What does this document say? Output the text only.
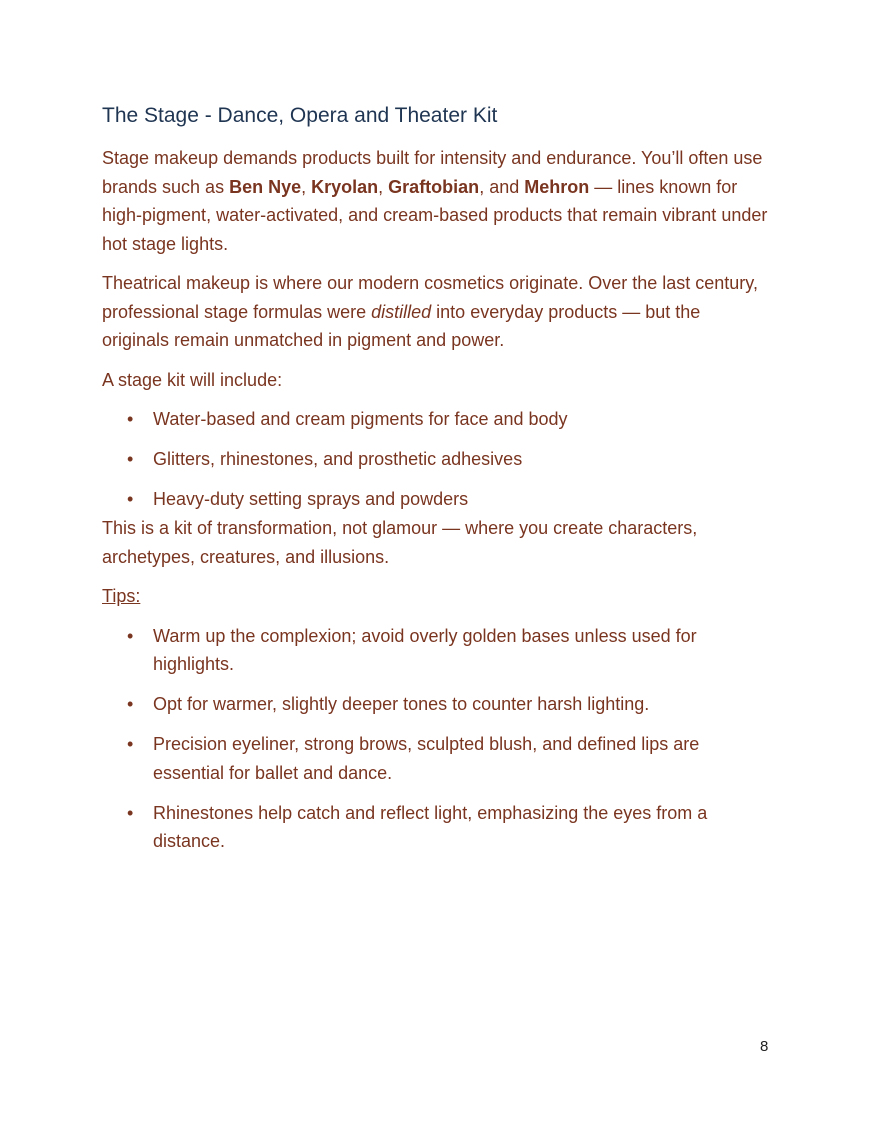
The Stage - Dance, Opera and Theater Kit

Stage makeup demands products built for intensity and endurance. You’ll often use brands such as Ben Nye, Kryolan, Graftobian, and Mehron — lines known for high-pigment, water-activated, and cream-based products that remain vibrant under hot stage lights.

Theatrical makeup is where our modern cosmetics originate. Over the last century, professional stage formulas were distilled into everyday products — but the originals remain unmatched in pigment and power.

A stage kit will include:

• Water-based and cream pigments for face and body
• Glitters, rhinestones, and prosthetic adhesives
• Heavy-duty setting sprays and powders

This is a kit of transformation, not glamour — where you create characters, archetypes, creatures, and illusions.

Tips:

• Warm up the complexion; avoid overly golden bases unless used for highlights.
• Opt for warmer, slightly deeper tones to counter harsh lighting.
• Precision eyeliner, strong brows, sculpted blush, and defined lips are essential for ballet and dance.
• Rhinestones help catch and reflect light, emphasizing the eyes from a distance.
8
